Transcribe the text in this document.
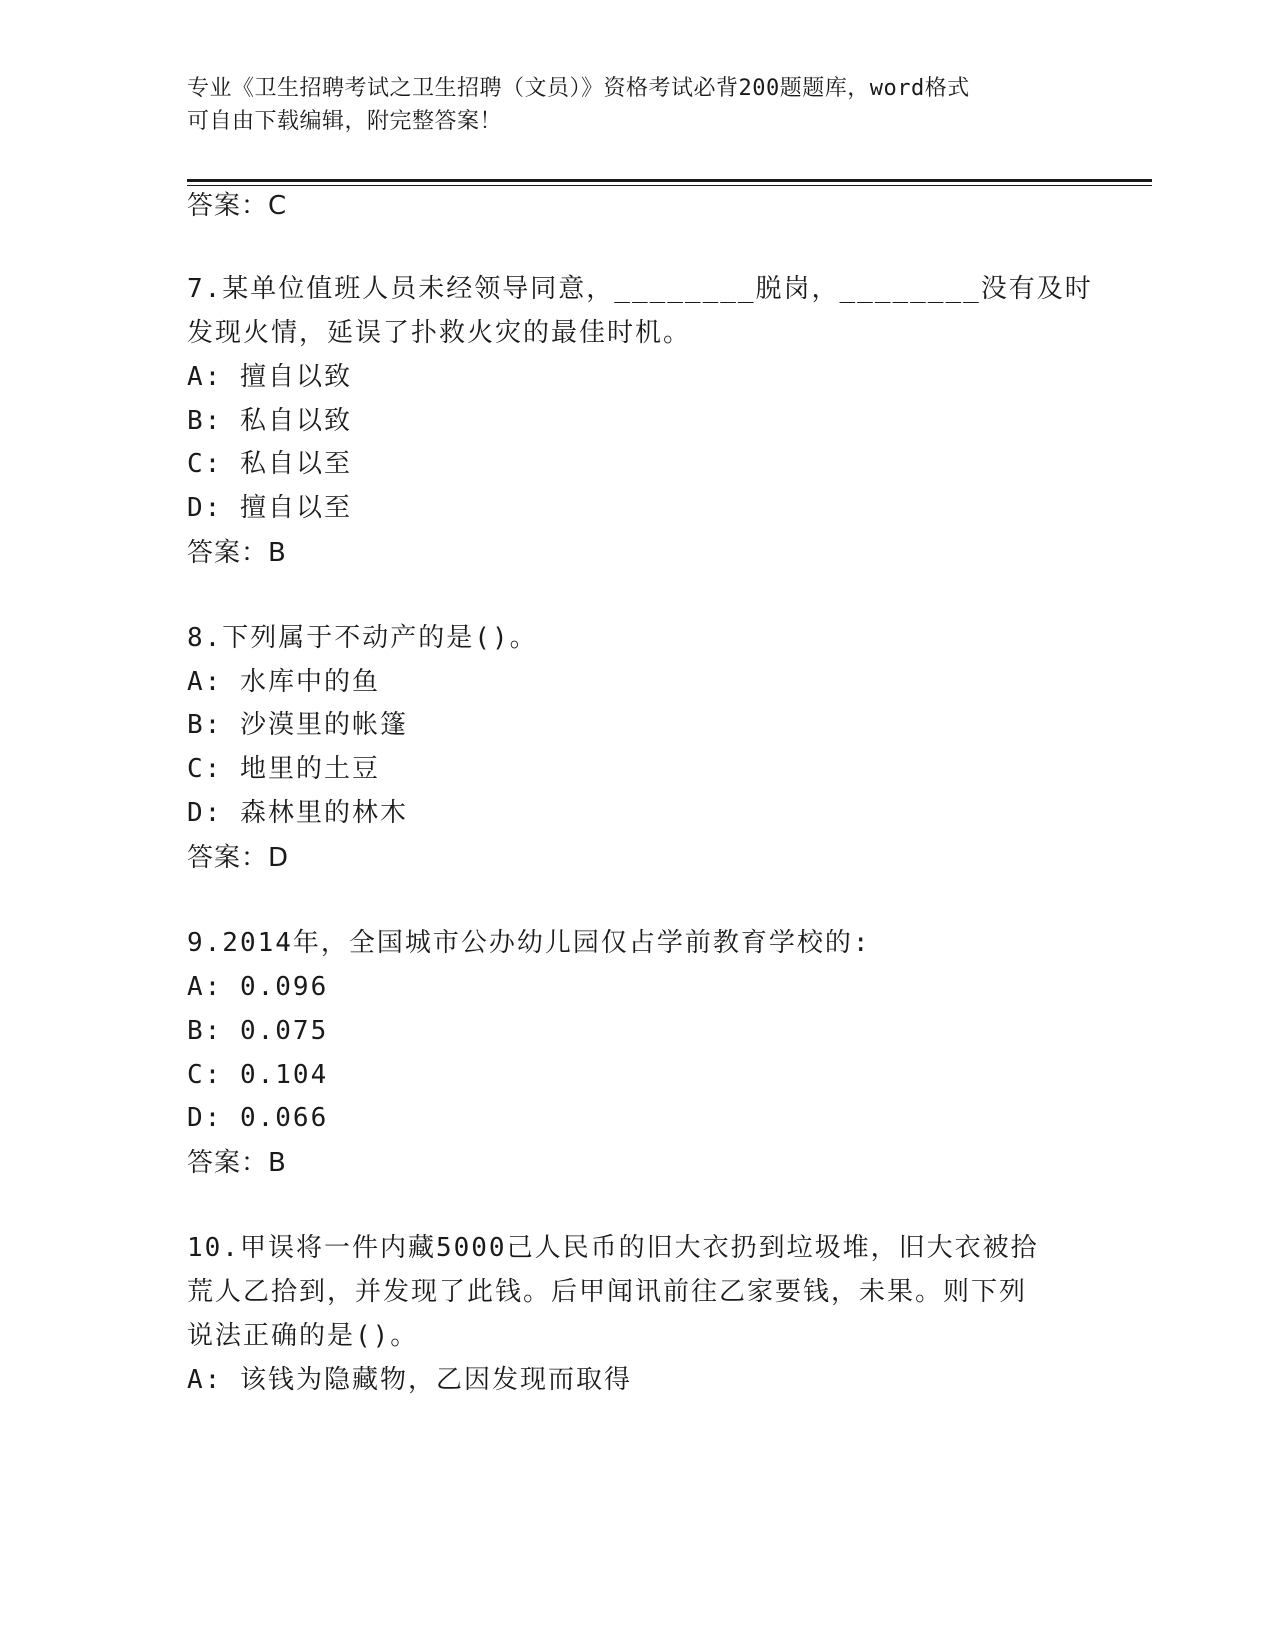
专业《卫生招聘考试之卫生招聘（文员）》资格考试必背200题题库，word格式
可自由下载编辑，附完整答案！
答案：C
7.某单位值班人员未经领导同意，________脱岗，________没有及时
发现火情，延误了扑救火灾的最佳时机。
A: 擅自以致
B: 私自以致
C: 私自以至
D: 擅自以至
答案：B
8.下列属于不动产的是()。
A: 水库中的鱼
B: 沙漠里的帐篷
C: 地里的土豆
D: 森林里的林木
答案：D
9.2014年，全国城市公办幼儿园仅占学前教育学校的:
A: 0.096
B: 0.075
C: 0.104
D: 0.066
答案：B
10.甲误将一件内藏5000己人民币的旧大衣扔到垃圾堆，旧大衣被拾
荒人乙拾到，并发现了此钱。后甲闻讯前往乙家要钱，未果。则下列
说法正确的是()。
A: 该钱为隐藏物，乙因发现而取得
